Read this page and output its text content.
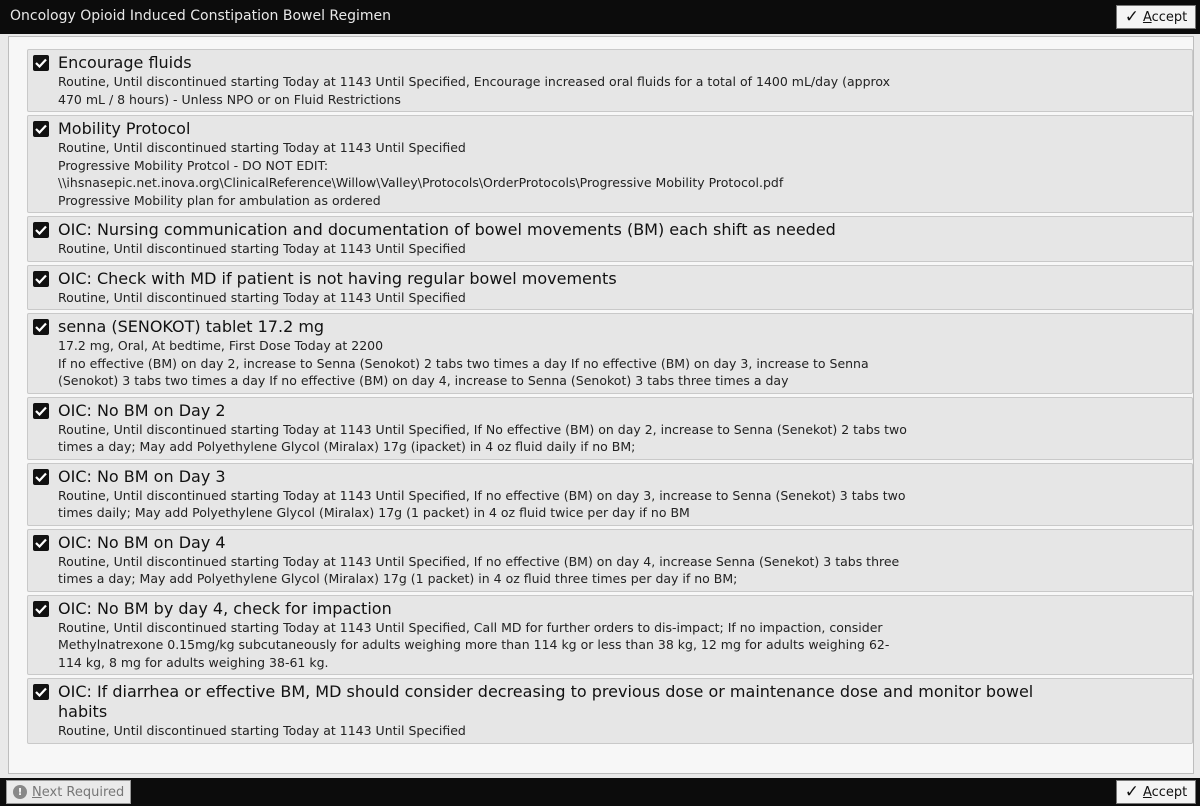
Oncology Opioid Induced Constipation Bowel Regimen	✓ Accept
Encourage fluids
Routine, Until discontinued starting Today at 1143 Until Specified, Encourage increased oral fluids for a total of 1400 mL/day (approx
470 mL / 8 hours) - Unless NPO or on Fluid Restrictions
Mobility Protocol
Routine, Until discontinued starting Today at 1143 Until Specified
Progressive Mobility Protcol - DO NOT EDIT:
\\ihsnasepic.net.inova.org\ClinicalReference\Willow\Valley\Protocols\OrderProtocols\Progressive Mobility Protocol.pdf
Progressive Mobility plan for ambulation as ordered
OIC: Nursing communication and documentation of bowel movements (BM) each shift as needed
Routine, Until discontinued starting Today at 1143 Until Specified
OIC: Check with MD if patient is not having regular bowel movements
Routine, Until discontinued starting Today at 1143 Until Specified
senna (SENOKOT) tablet 17.2 mg
17.2 mg, Oral, At bedtime, First Dose Today at 2200
If no effective (BM) on day 2, increase to Senna (Senokot) 2 tabs two times a day If no effective (BM) on day 3, increase to Senna
(Senokot) 3 tabs two times a day If no effective (BM) on day 4, increase to Senna (Senokot) 3 tabs three times a day
OIC: No BM on Day 2
Routine, Until discontinued starting Today at 1143 Until Specified, If No effective (BM) on day 2, increase to Senna (Senekot) 2 tabs two
times a day; May add Polyethylene Glycol (Miralax) 17g (ipacket) in 4 oz fluid daily if no BM;
OIC: No BM on Day 3
Routine, Until discontinued starting Today at 1143 Until Specified, If no effective (BM) on day 3, increase to Senna (Senekot) 3 tabs two
times daily; May add Polyethylene Glycol (Miralax) 17g (1 packet) in 4 oz fluid twice per day if no BM
OIC: No BM on Day 4
Routine, Until discontinued starting Today at 1143 Until Specified, If no effective (BM) on day 4, increase Senna (Senekot) 3 tabs three
times a day; May add Polyethylene Glycol (Miralax) 17g (1 packet) in 4 oz fluid three times per day if no BM;
OIC: No BM by day 4, check for impaction
Routine, Until discontinued starting Today at 1143 Until Specified, Call MD for further orders to dis-impact; If no impaction, consider
Methylnatrexone 0.15mg/kg subcutaneously for adults weighing more than 114 kg or less than 38 kg, 12 mg for adults weighing 62-
114 kg, 8 mg for adults weighing 38-61 kg.
OIC: If diarrhea or effective BM, MD should consider decreasing to previous dose or maintenance dose and monitor bowel
habits
Routine, Until discontinued starting Today at 1143 Until Specified
! Next Required	✓ Accept
